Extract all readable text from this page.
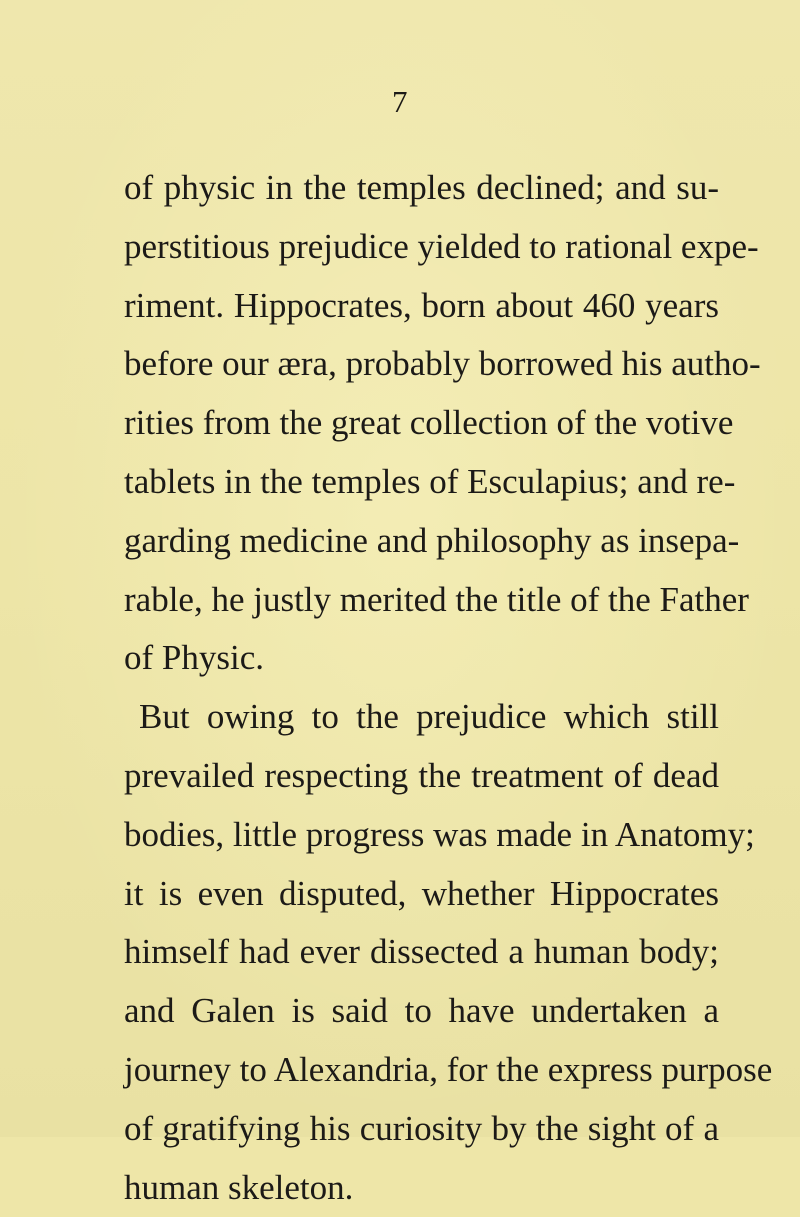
7
of physic in the temples declined; and su-
perstitious prejudice yielded to rational expe-
riment. Hippocrates, born about 460 years
before our æra, probably borrowed his autho-
rities from the great collection of the votive
tablets in the temples of Esculapius; and re-
garding medicine and philosophy as insepa-
rable, he justly merited the title of the Father
of Physic.
But owing to the prejudice which still
prevailed respecting the treatment of dead
bodies, little progress was made in Anatomy;
it is even disputed, whether Hippocrates
himself had ever dissected a human body;
and Galen is said to have undertaken a
journey to Alexandria, for the express purpose
of gratifying his curiosity by the sight of a
human skeleton.
